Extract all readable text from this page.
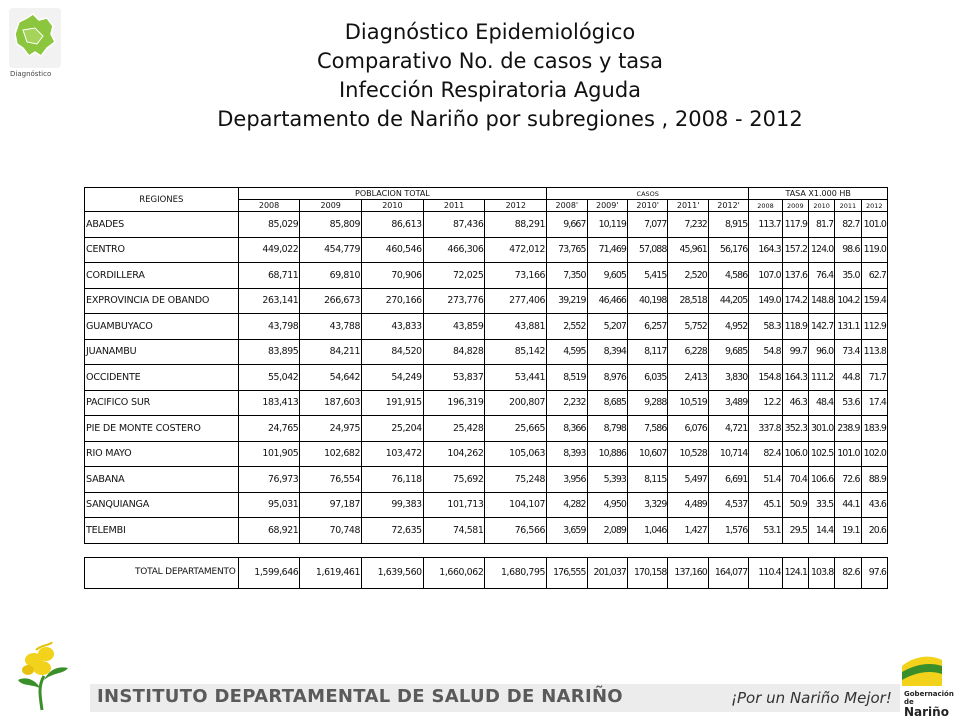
Diagnóstico
Diagnóstico Epidemiológico
Comparativo No. de casos y tasa
Infección Respiratoria Aguda
Departamento de Nariño por subregiones , 2008 - 2012
REGIONES	POBLACION TOTAL					CASOS					TASA X1.000 HB				
	2008	2009	2010	2011	2012	2008'	2009'	2010'	2011'	2012'	2008	2009	2010	2011	2012
ABADES	85,029	85,809	86,613	87,436	88,291	9,667	10,119	7,077	7,232	8,915	113.7	117.9	81.7	82.7	101.0
CENTRO	449,022	454,779	460,546	466,306	472,012	73,765	71,469	57,088	45,961	56,176	164.3	157.2	124.0	98.6	119.0
CORDILLERA	68,711	69,810	70,906	72,025	73,166	7,350	9,605	5,415	2,520	4,586	107.0	137.6	76.4	35.0	62.7
EXPROVINCIA DE OBANDO	263,141	266,673	270,166	273,776	277,406	39,219	46,466	40,198	28,518	44,205	149.0	174.2	148.8	104.2	159.4
GUAMBUYACO	43,798	43,788	43,833	43,859	43,881	2,552	5,207	6,257	5,752	4,952	58.3	118.9	142.7	131.1	112.9
JUANAMBU	83,895	84,211	84,520	84,828	85,142	4,595	8,394	8,117	6,228	9,685	54.8	99.7	96.0	73.4	113.8
OCCIDENTE	55,042	54,642	54,249	53,837	53,441	8,519	8,976	6,035	2,413	3,830	154.8	164.3	111.2	44.8	71.7
PACIFICO SUR	183,413	187,603	191,915	196,319	200,807	2,232	8,685	9,288	10,519	3,489	12.2	46.3	48.4	53.6	17.4
PIE DE MONTE COSTERO	24,765	24,975	25,204	25,428	25,665	8,366	8,798	7,586	6,076	4,721	337.8	352.3	301.0	238.9	183.9
RIO MAYO	101,905	102,682	103,472	104,262	105,063	8,393	10,886	10,607	10,528	10,714	82.4	106.0	102.5	101.0	102.0
SABANA	76,973	76,554	76,118	75,692	75,248	3,956	5,393	8,115	5,497	6,691	51.4	70.4	106.6	72.6	88.9
SANQUIANGA	95,031	97,187	99,383	101,713	104,107	4,282	4,950	3,329	4,489	4,537	45.1	50.9	33.5	44.1	43.6
TELEMBI	68,921	70,748	72,635	74,581	76,566	3,659	2,089	1,046	1,427	1,576	53.1	29.5	14.4	19.1	20.6

TOTAL DEPARTAMENTO	1,599,646	1,619,461	1,639,560	1,660,062	1,680,795	176,555	201,037	170,158	137,160	164,077	110.4	124.1	103.8	82.6	97.6
INSTITUTO DEPARTAMENTAL DE SALUD DE NARIÑO	¡Por un Nariño Mejor! Gobernación de
Nariño
